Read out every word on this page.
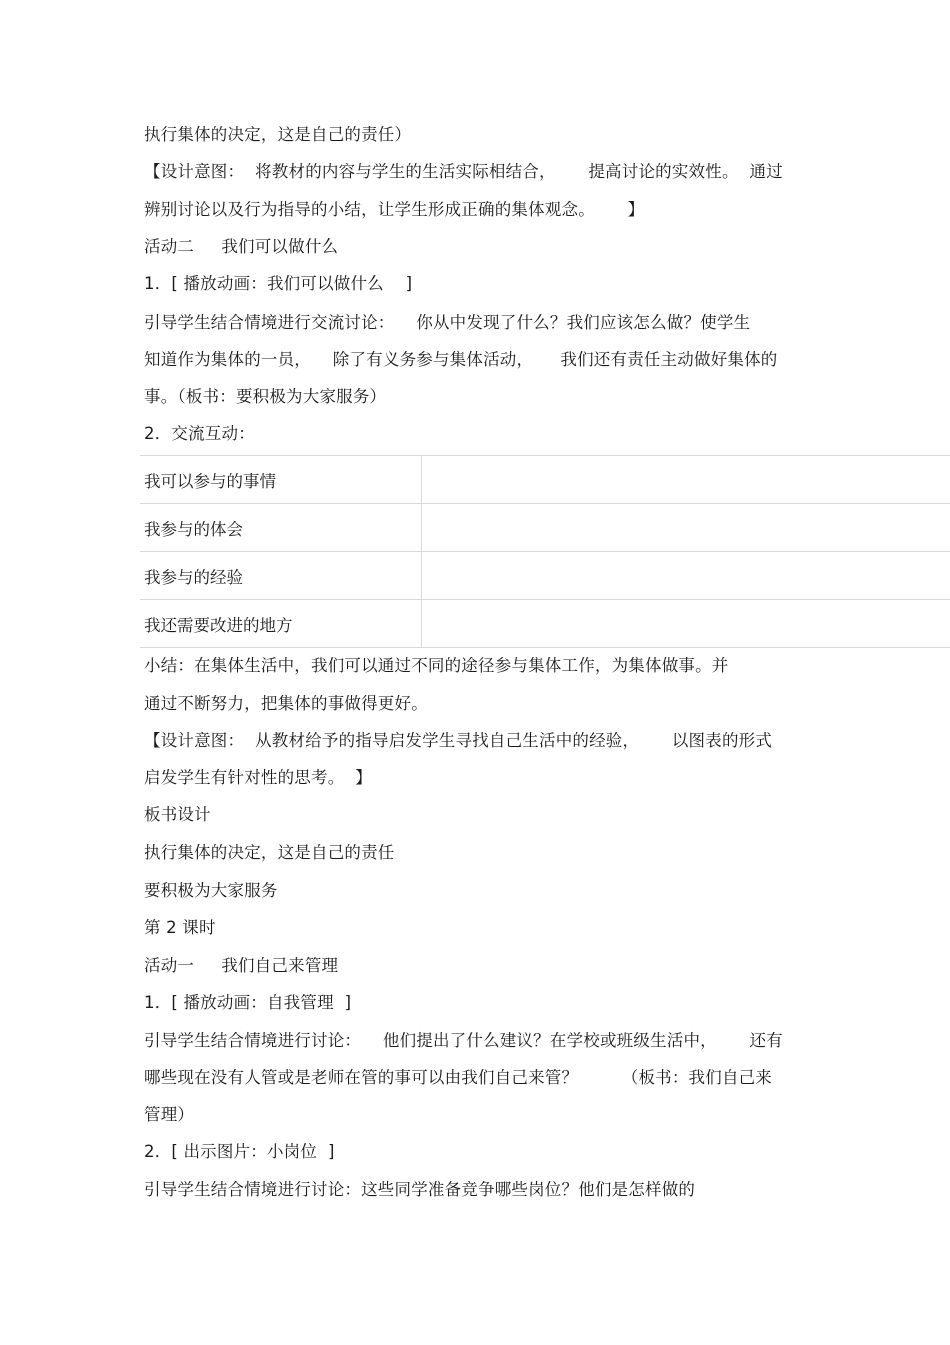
执行集体的决定，这是自己的责任）
【设计意图：  将教材的内容与学生的生活实际相结合，      提高讨论的实效性。  通过
辨别讨论以及行为指导的小结，让学生形成正确的集体观念。      】
活动二     我们可以做什么
1．[ 播放动画：我们可以做什么    ]
引导学生结合情境进行交流讨论：    你从中发现了什么？我们应该怎么做？使学生
知道作为集体的一员，    除了有义务参与集体活动，     我们还有责任主动做好集体的
事。（板书：要积极为大家服务）
2．交流互动：
我可以参与的事情	
我参与的体会	
我参与的经验	
我还需要改进的地方	
小结：在集体生活中，我们可以通过不同的途径参与集体工作，为集体做事。并
通过不断努力，把集体的事做得更好。
【设计意图：  从教材给予的指导启发学生寻找自己生活中的经验，      以图表的形式
启发学生有针对性的思考。  】
板书设计
执行集体的决定，这是自己的责任
要积极为大家服务
第 2 课时
活动一     我们自己来管理
1．[ 播放动画：自我管理  ]
引导学生结合情境进行讨论：    他们提出了什么建议？在学校或班级生活中，      还有
哪些现在没有人管或是老师在管的事可以由我们自己来管？        （板书：我们自己来
管理）
2．[ 出示图片：小岗位  ]
引导学生结合情境进行讨论：这些同学准备竞争哪些岗位？他们是怎样做的
